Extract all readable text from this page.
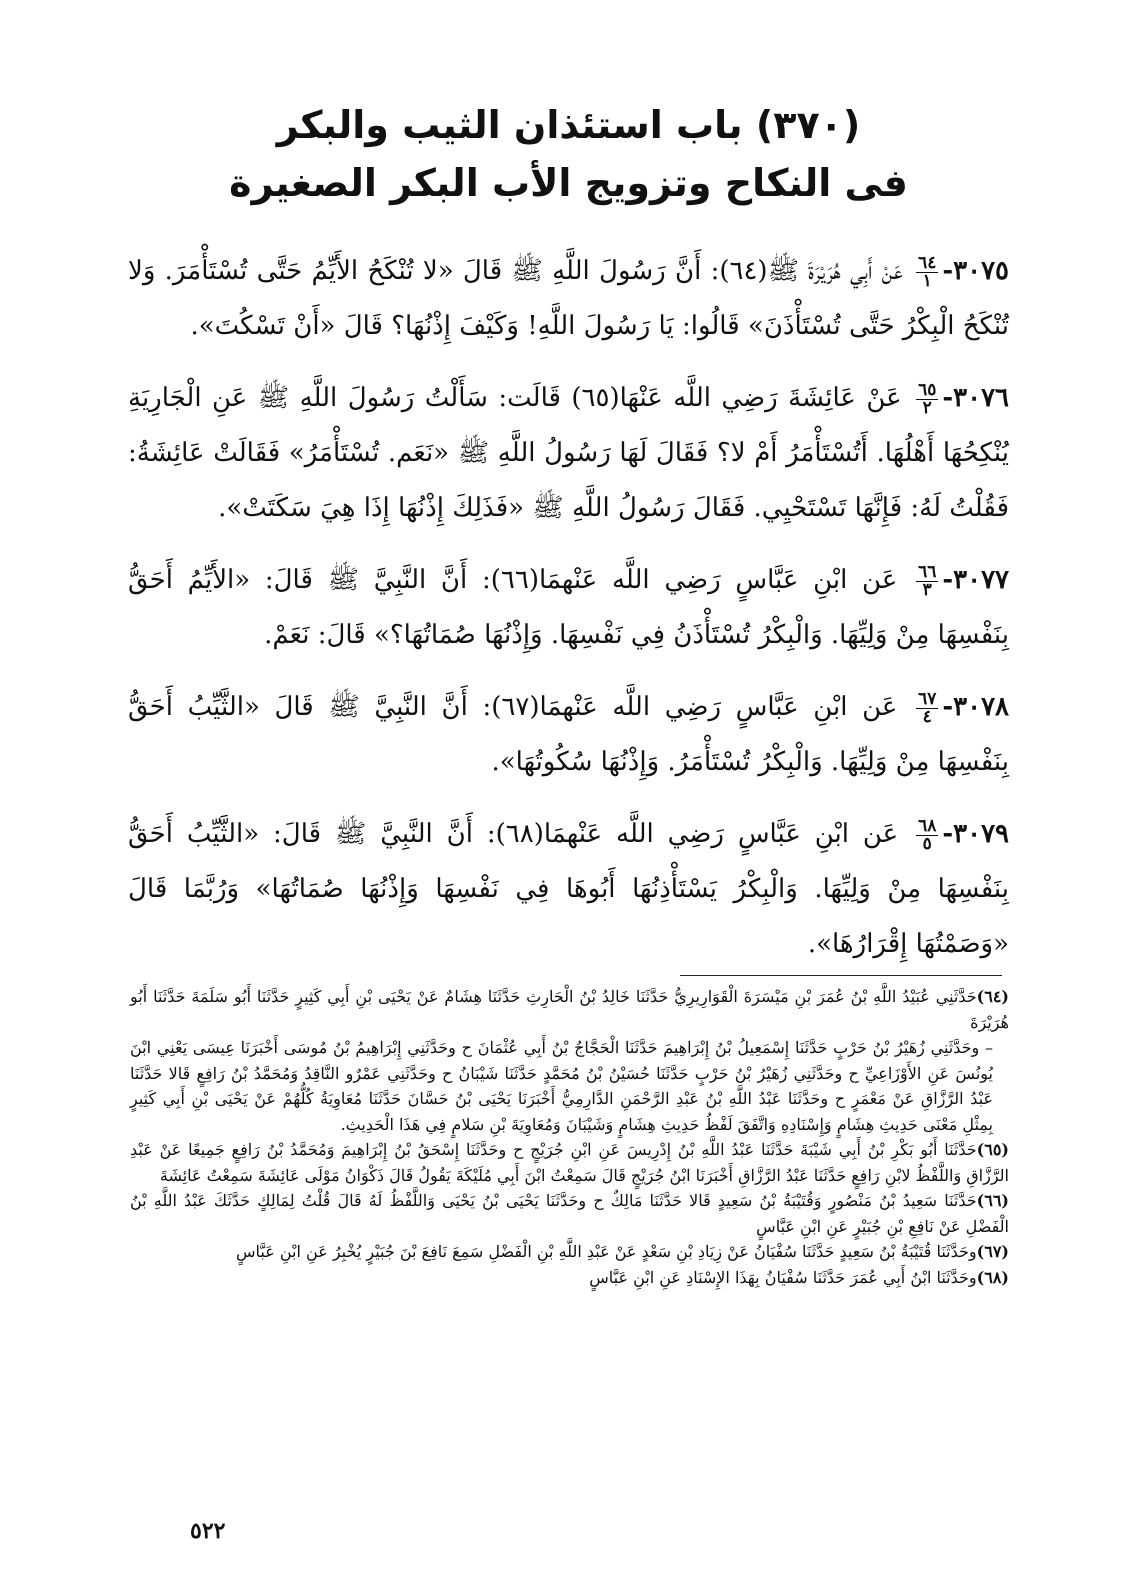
(٣٧٠) باب استئذان الثيب والبكر
فى النكاح وتزويج الأب البكر الصغيرة

٣٠٧٥-
$\frac{٦٤}{١}$
عَنْ أَبِي هُرَيْرَةَ ﷺ(٦٤): أَنَّ رَسُولَ اللَّهِ ﷺ قَالَ «لا تُنْكَحُ الأَيِّمُ حَتَّى تُسْتَأْمَرَ. وَلا تُنْكَحُ الْبِكْرُ حَتَّى تُسْتَأْذَنَ» قَالُوا: يَا رَسُولَ اللَّهِ! وَكَيْفَ إِذْنُهَا؟ قَالَ «أَنْ تَسْكُتَ».

٣٠٧٦-
$\frac{٦٥}{٢}$
عَنْ عَائِشَةَ رَضِي اللَّه عَنْهَا(٦٥) قَالَت: سَأَلْتُ رَسُولَ اللَّهِ ﷺ عَنِ الْجَارِيَةِ يُنْكِحُهَا أَهْلُهَا. أَتُسْتَأْمَرُ أَمْ لا؟ فَقَالَ لَهَا رَسُولُ اللَّهِ ﷺ «نَعَم. تُسْتَأْمَرُ» فَقَالَتْ عَائِشَةُ: فَقُلْتُ لَهُ: فَإِنَّهَا تَسْتَحْيِي. فَقَالَ رَسُولُ اللَّهِ ﷺ «فَذَلِكَ إِذْنُهَا إِذَا هِيَ سَكَتَتْ».

٣٠٧٧-
$\frac{٦٦}{٣}$
عَن ابْنِ عَبَّاسٍ رَضِي اللَّه عَنْهمَا(٦٦): أَنَّ النَّبِيَّ ﷺ قَالَ: «الأَيِّمُ أَحَقُّ بِنَفْسِهَا مِنْ وَلِيِّهَا. وَالْبِكْرُ تُسْتَأْذَنُ فِي نَفْسِهَا. وَإِذْنُهَا صُمَاتُهَا؟» قَالَ: نَعَمْ.

٣٠٧٨-
$\frac{٦٧}{٤}$
عَن ابْنِ عَبَّاسٍ رَضِي اللَّه عَنْهمَا(٦٧): أَنَّ النَّبِيَّ ﷺ قَالَ «الثَّيِّبُ أَحَقُّ بِنَفْسِهَا مِنْ وَلِيِّهَا. وَالْبِكْرُ تُسْتَأْمَرُ. وَإِذْنُهَا سُكُوتُهَا».

٣٠٧٩-
$\frac{٦٨}{٥}$
عَن ابْنِ عَبَّاسٍ رَضِي اللَّه عَنْهمَا(٦٨): أَنَّ النَّبِيَّ ﷺ قَالَ: «الثَّيِّبُ أَحَقُّ بِنَفْسِهَا مِنْ وَلِيِّهَا. وَالْبِكْرُ يَسْتَأْذِنُهَا أَبُوهَا فِي نَفْسِهَا وَإِذْنُهَا صُمَاتُهَا» وَرُبَّمَا قَالَ «وَصَمْتُهَا إِقْرَارُهَا».

(٦٤)حَدَّثَنِي عُبَيْدُ اللَّهِ بْنُ عُمَرَ بْنِ مَيْسَرَةَ الْقَوَارِيرِيُّ حَدَّثَنَا خَالِدُ بْنُ الْحَارِثِ حَدَّثَنَا هِشَامٌ عَنْ يَحْيَى بْنِ أَبِي كَثِيرٍ حَدَّثَنَا أَبُو سَلَمَةَ حَدَّثَنَا أَبُو هُرَيْرَةَ

– وحَدَّثَنِي زُهَيْرُ بْنُ حَرْبٍ حَدَّثَنَا إِسْمَعِيلُ بْنُ إِبْرَاهِيمَ حَدَّثَنَا الْحَجَّاجُ بْنُ أَبِي عُثْمَانَ ح وحَدَّثَنِي إِبْرَاهِيمُ بْنُ مُوسَى أَخْبَرَنَا عِيسَى يَعْنِي ابْنَ يُونُسَ عَنِ الأَوْزَاعِيِّ ح وحَدَّثَنِي زُهَيْرُ بْنُ حَرْبٍ حَدَّثَنَا حُسَيْنُ بْنُ مُحَمَّدٍ حَدَّثَنَا شَيْبَانُ ح وحَدَّثَنِي عَمْرٌو النَّاقِدُ وَمُحَمَّدُ بْنُ رَافِعٍ قَالا حَدَّثَنَا عَبْدُ الرَّزَّاقِ عَنْ مَعْمَرٍ ح وحَدَّثَنَا عَبْدُ اللَّهِ بْنُ عَبْدِ الرَّحْمَنِ الدَّارِمِيُّ أَخْبَرَنَا يَحْيَى بْنُ حَسَّانَ حَدَّثَنَا مُعَاوِيَةُ كُلُّهُمْ عَنْ يَحْيَى بْنِ أَبِي كَثِيرٍ بِمِثْلِ مَعْنَى حَدِيثِ هِشَامٍ وَإِسْنَادِهِ وَاتَّفَقَ لَفْظُ حَدِيثِ هِشَامٍ وَشَيْبَانَ وَمُعَاوِيَةَ بْنِ سَلامٍ فِي هَذَا الْحَدِيثِ.

(٦٥)حَدَّثَنَا أَبُو بَكْرِ بْنُ أَبِي شَيْبَةَ حَدَّثَنَا عَبْدُ اللَّهِ بْنُ إِدْرِيسَ عَنِ ابْنِ جُرَيْجٍ ح وحَدَّثَنَا إِسْحَقُ بْنُ إِبْرَاهِيمَ وَمُحَمَّدُ بْنُ رَافِعٍ جَمِيعًا عَنْ عَبْدِ الرَّزَّاقِ وَاللَّفْظُ لابْنِ رَافِعٍ حَدَّثَنَا عَبْدُ الرَّزَّاقِ أَخْبَرَنَا ابْنُ جُرَيْجٍ قَالَ سَمِعْتُ ابْنَ أَبِي مُلَيْكَةَ يَقُولُ قَالَ ذَكْوَانُ مَوْلَى عَائِشَةَ سَمِعْتُ عَائِشَةَ

(٦٦)حَدَّثَنَا سَعِيدُ بْنُ مَنْصُورٍ وَقُتَيْبَةُ بْنُ سَعِيدٍ قَالا حَدَّثَنَا مَالِكٌ ح وحَدَّثَنَا يَحْيَى بْنُ يَحْيَى وَاللَّفْظُ لَهُ قَالَ قُلْتُ لِمَالِكٍ حَدَّثَكَ عَبْدُ اللَّهِ بْنُ الْفَضْلِ عَنْ نَافِعِ بْنِ جُبَيْرٍ عَنِ ابْنِ عَبَّاسٍ

(٦٧)وحَدَّثَنَا قُتَيْبَةُ بْنُ سَعِيدٍ حَدَّثَنَا سُفْيَانُ عَنْ زِيَادِ بْنِ سَعْدٍ عَنْ عَبْدِ اللَّهِ بْنِ الْفَضْلِ سَمِعَ نَافِعَ بْنَ جُبَيْرٍ يُخْبِرُ عَنِ ابْنِ عَبَّاسٍ

(٦٨)وحَدَّثَنَا ابْنُ أَبِي عُمَرَ حَدَّثَنَا سُفْيَانُ بِهَذَا الإِسْنَادِ عَنِ ابْنِ عَبَّاسٍ

٥٢٢
